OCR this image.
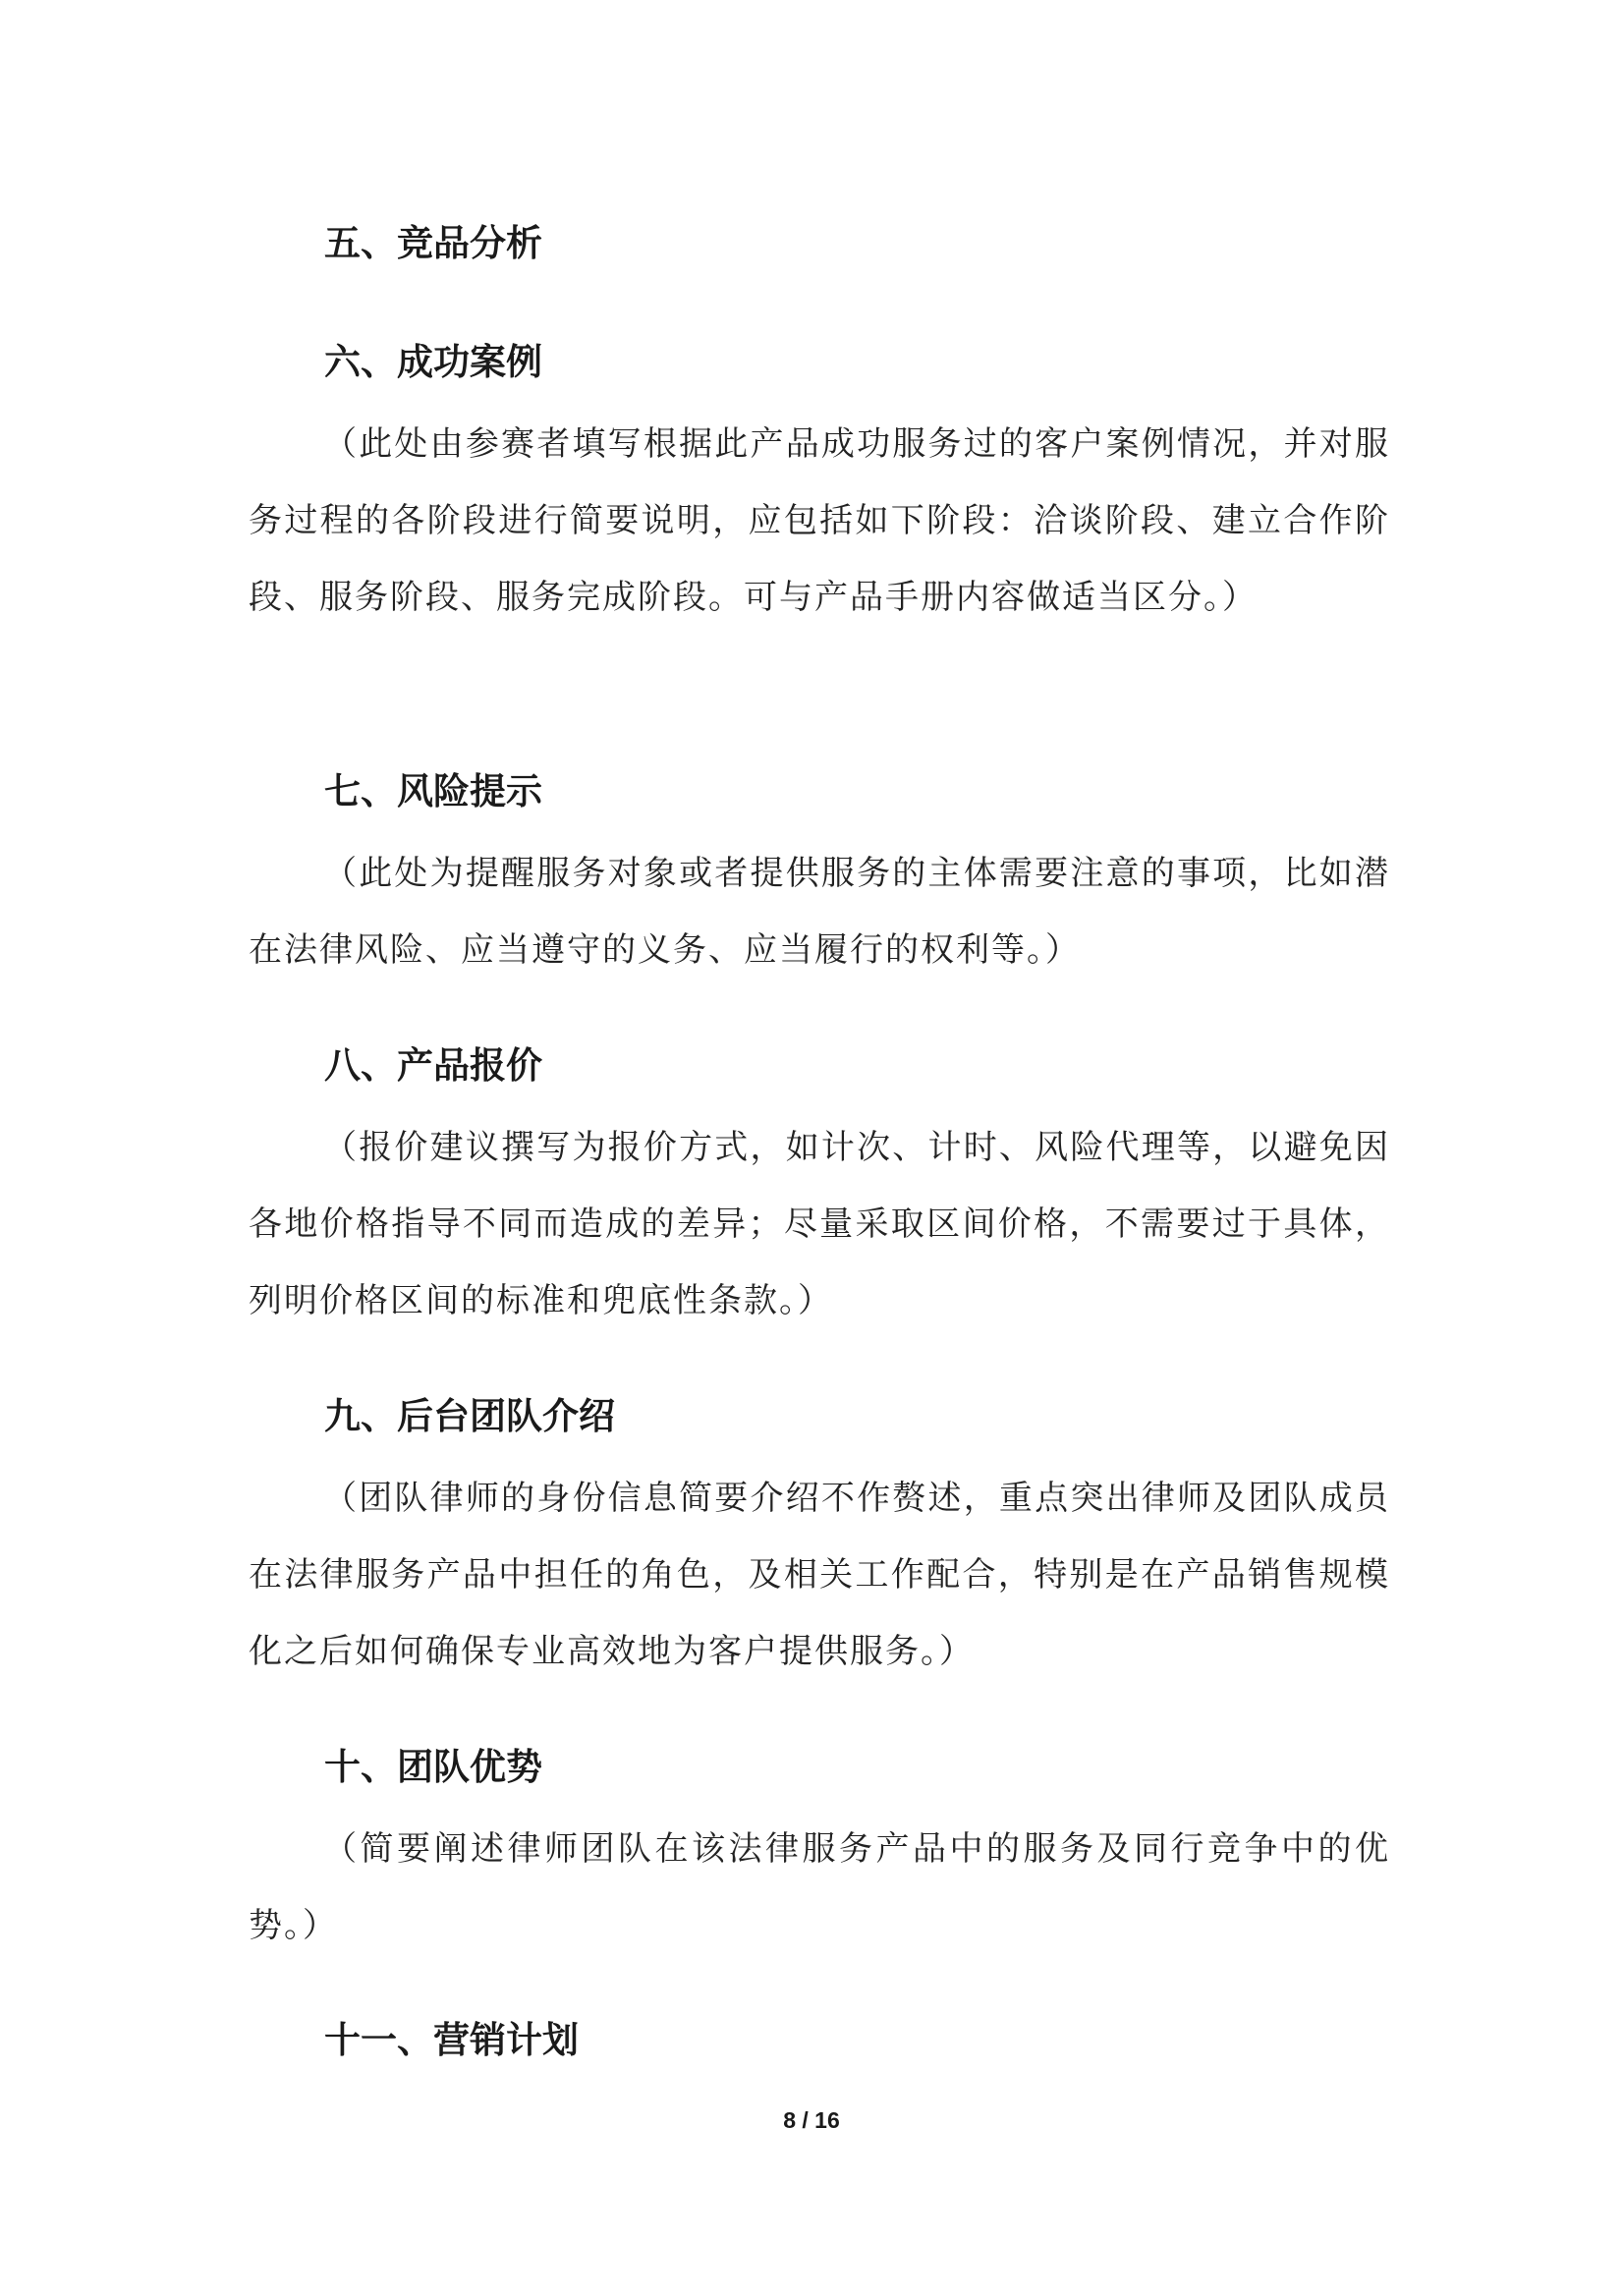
五、竞品分析
六、成功案例
（此处由参赛者填写根据此产品成功服务过的客户案例情况，并对服务过程的各阶段进行简要说明，应包括如下阶段：洽谈阶段、建立合作阶段、服务阶段、服务完成阶段。可与产品手册内容做适当区分。）
七、风险提示
（此处为提醒服务对象或者提供服务的主体需要注意的事项，比如潜在法律风险、应当遵守的义务、应当履行的权利等。）
八、产品报价
（报价建议撰写为报价方式，如计次、计时、风险代理等，以避免因各地价格指导不同而造成的差异；尽量采取区间价格，不需要过于具体，列明价格区间的标准和兜底性条款。）
九、后台团队介绍
（团队律师的身份信息简要介绍不作赘述，重点突出律师及团队成员在法律服务产品中担任的角色，及相关工作配合，特别是在产品销售规模化之后如何确保专业高效地为客户提供服务。）
十、团队优势
（简要阐述律师团队在该法律服务产品中的服务及同行竞争中的优势。）
十一、营销计划
8 / 16
